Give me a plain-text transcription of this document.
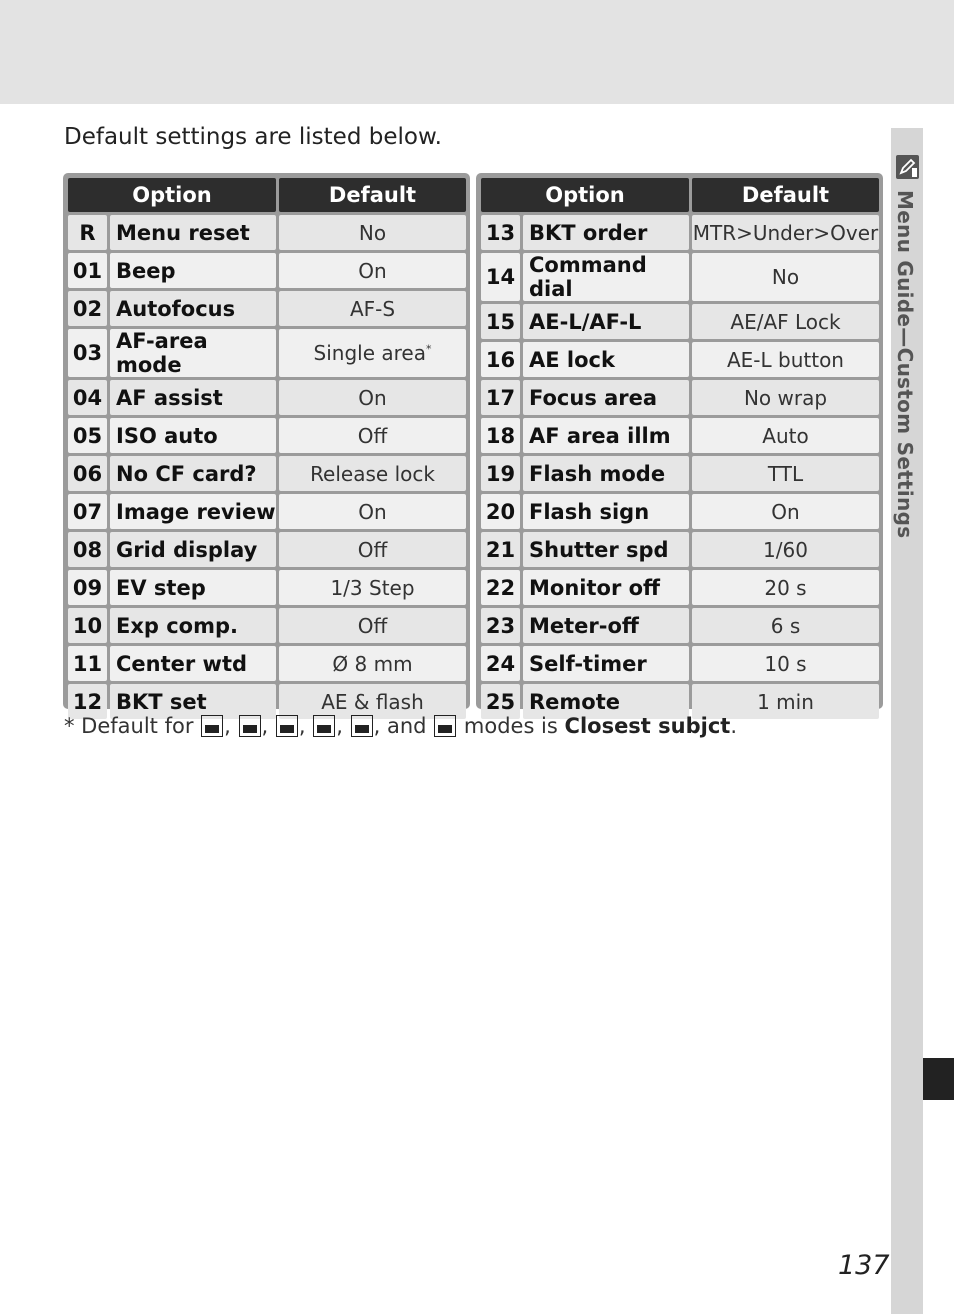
Menu Guide—Custom Settings

Default settings are listed below.

Option		Default
R	Menu reset	No
01	Beep	On
02	Autofocus	AF-S
03	AF-area mode	Single area*
04	AF assist	On
05	ISO auto	Off
06	No CF card?	Release lock
07	Image review	On
08	Grid display	Off
09	EV step	1/3 Step
10	Exp comp.	Off
11	Center wtd	Ø 8 mm
12	BKT set	AE & flash
Option		Default
13	BKT order	MTR>Under>Over
14	Command dial	No
15	AE-L/AF-L	AE/AF Lock
16	AE lock	AE-L button
17	Focus area	No wrap
18	AF area illm	Auto
19	Flash mode	TTL
20	Flash sign	On
21	Shutter spd	1/60
22	Monitor off	20 s
23	Meter-off	6 s
24	Self-timer	10 s
25	Remote	1 min
* Default for , , , , , and modes is Closest subjct.
137
